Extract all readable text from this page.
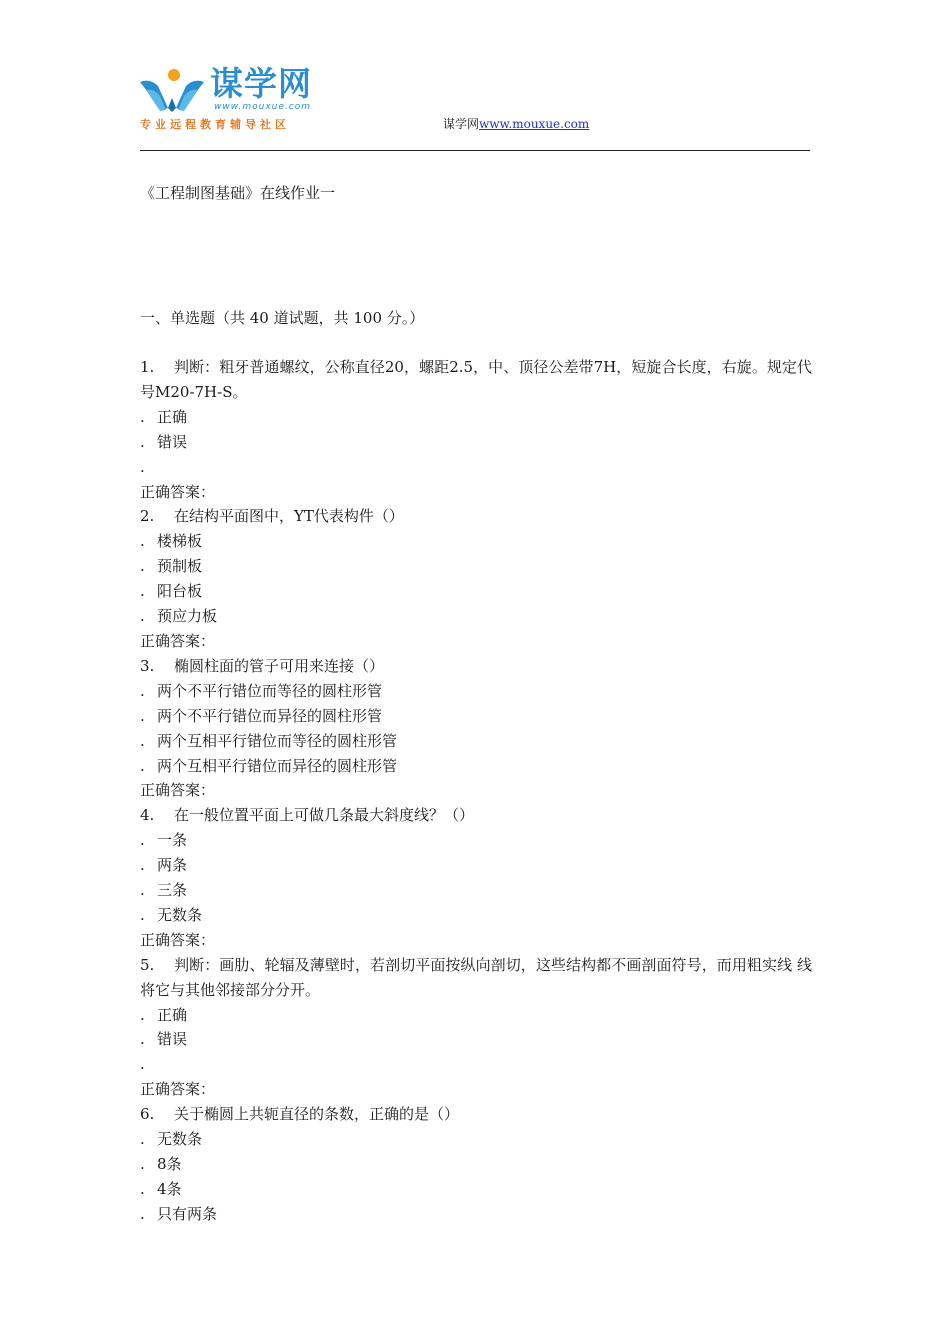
谋学网
www.mouxue.com
专业远程教育辅导社区	谋学网www.mouxue.com
《工程制图基础》在线作业一
一、单选题（共 40 道试题，共 100 分。）
1. 判断：粗牙普通螺纹，公称直径20，螺距2.5，中、顶径公差带7H，短旋合长度，右旋。规定代号M20-7H-S。
. 正确
. 错误
.
正确答案：
2. 在结构平面图中，YT代表构件（）
. 楼梯板
. 预制板
. 阳台板
. 预应力板
正确答案：
3. 椭圆柱面的管子可用来连接（）
. 两个不平行错位而等径的圆柱形管
. 两个不平行错位而异径的圆柱形管
. 两个互相平行错位而等径的圆柱形管
. 两个互相平行错位而异径的圆柱形管
正确答案：
4. 在一般位置平面上可做几条最大斜度线？（）
. 一条
. 两条
. 三条
. 无数条
正确答案：
5. 判断：画肋、轮辐及薄壁时，若剖切平面按纵向剖切，这些结构都不画剖面符号，而用粗实线 线将它与其他邻接部分分开。
. 正确
. 错误
.
正确答案：
6. 关于椭圆上共轭直径的条数，正确的是（）
. 无数条
. 8条
. 4条
. 只有两条
